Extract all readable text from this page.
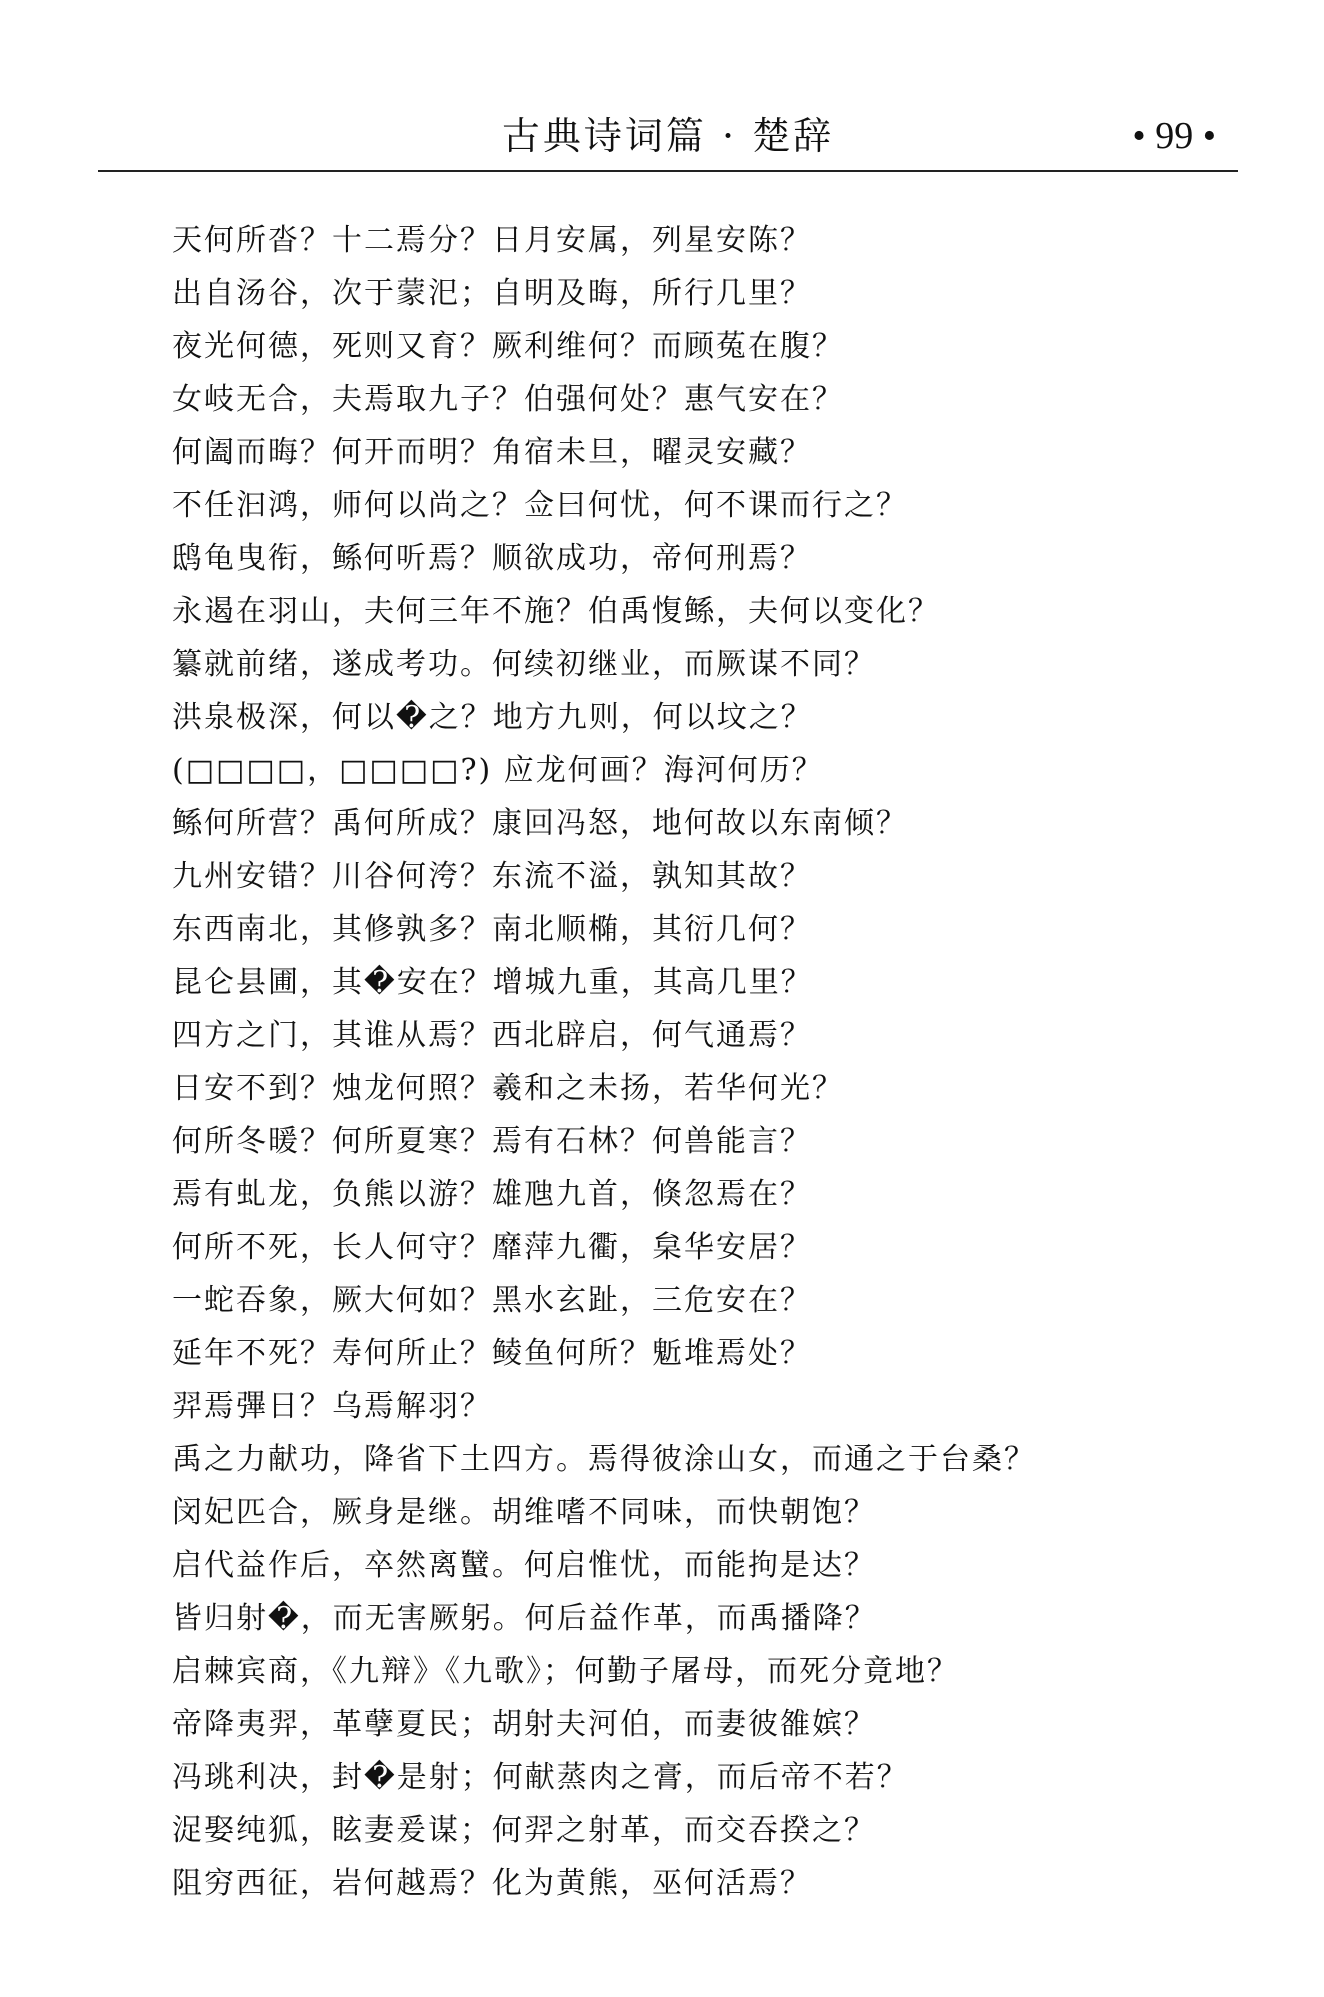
古典诗词篇 · 楚辞	• 99 •
天何所沓？十二焉分？日月安属，列星安陈？
出自汤谷，次于蒙汜；自明及晦，所行几里？
夜光何德，死则又育？厥利维何？而顾菟在腹？
女岐无合，夫焉取九子？伯强何处？惠气安在？
何阖而晦？何开而明？角宿未旦，曜灵安藏？
不任汩鸿，师何以尚之？佥曰何忧，何不课而行之？
鸱龟曳衔，鲧何听焉？顺欲成功，帝何刑焉？
永遏在羽山，夫何三年不施？伯禹愎鲧，夫何以变化？
纂就前绪，遂成考功。何续初继业，而厥谋不同？
洪泉极深，何以�之？地方九则，何以坟之？
(□□□□，□□□□?) 应龙何画？海河何历？
鲧何所营？禹何所成？康回冯怒，地何故以东南倾？
九州安错？川谷何洿？东流不溢，孰知其故？
东西南北，其修孰多？南北顺椭，其衍几何？
昆仑县圃，其�安在？增城九重，其高几里？
四方之门，其谁从焉？西北辟启，何气通焉？
日安不到？烛龙何照？羲和之未扬，若华何光？
何所冬暖？何所夏寒？焉有石林？何兽能言？
焉有虬龙，负熊以游？雄虺九首，倏忽焉在？
何所不死，长人何守？靡萍九衢，枲华安居？
一蛇吞象，厥大何如？黑水玄趾，三危安在？
延年不死？寿何所止？鲮鱼何所？鬿堆焉处？
羿焉彃日？乌焉解羽？
禹之力献功，降省下土四方。焉得彼涂山女，而通之于台桑？
闵妃匹合，厥身是继。胡维嗜不同味，而快朝饱？
启代益作后，卒然离蠥。何启惟忧，而能拘是达？
皆归射�，而无害厥躬。何后益作革，而禹播降？
启棘宾商，《九辩》《九歌》；何勤子屠母，而死分竟地？
帝降夷羿，革孽夏民；胡射夫河伯，而妻彼雒嫔？
冯珧利决，封�是射；何献蒸肉之膏，而后帝不若？
浞娶纯狐，眩妻爰谋；何羿之射革，而交吞揆之？
阻穷西征，岩何越焉？化为黄熊，巫何活焉？
